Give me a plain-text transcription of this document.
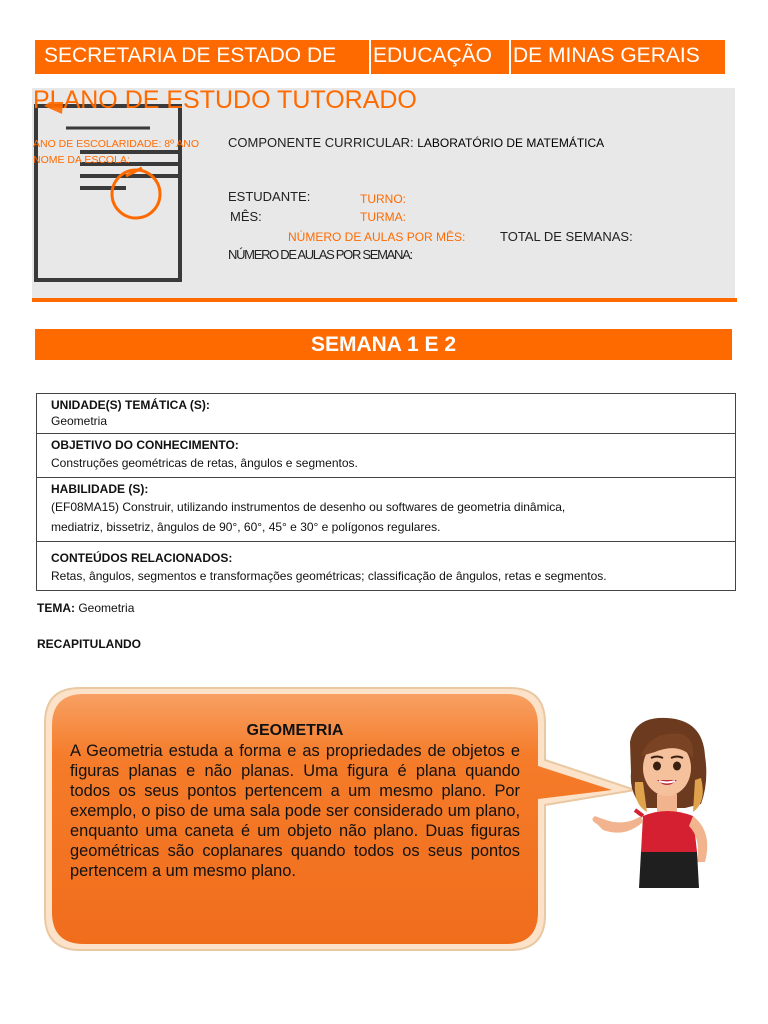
SECRETARIA DE ESTADO DE EDUCAÇÃO DE MINAS GERAIS
PLANO DE ESTUDO TUTORADO
ANO DE ESCOLARIDADE: 8º ANO
NOME DA ESCOLA:
COMPONENTE CURRICULAR: LABORATÓRIO DE MATEMÁTICA
ESTUDANTE:	TURNO:
MÊS:	TURMA:
NÚMERO DE AULAS POR MÊS:	TOTAL DE SEMANAS:
NÚMERO DE AULAS POR SEMANA:
SEMANA 1 E 2
UNIDADE(S) TEMÁTICA (S):
Geometria
OBJETIVO DO CONHECIMENTO:
Construções geométricas de retas, ângulos e segmentos.
HABILIDADE (S):
(EF08MA15) Construir, utilizando instrumentos de desenho ou softwares de geometria dinâmica,
mediatriz, bissetriz, ângulos de 90°, 60°, 45° e 30° e polígonos regulares.
CONTEÚDOS RELACIONADOS:
Retas, ângulos, segmentos e transformações geométricas; classificação de ângulos, retas e segmentos.
TEMA: Geometria
RECAPITULANDO
GEOMETRIA
A Geometria estuda a forma e as propriedades de objetos e figuras planas e não planas. Uma figura é plana quando todos os seus pontos pertencem a um mesmo plano. Por exemplo, o piso de uma sala pode ser considerado um plano, enquanto uma caneta é um objeto não plano. Duas figuras geométricas são coplanares quando todos os seus pontos pertencem a um mesmo plano.
